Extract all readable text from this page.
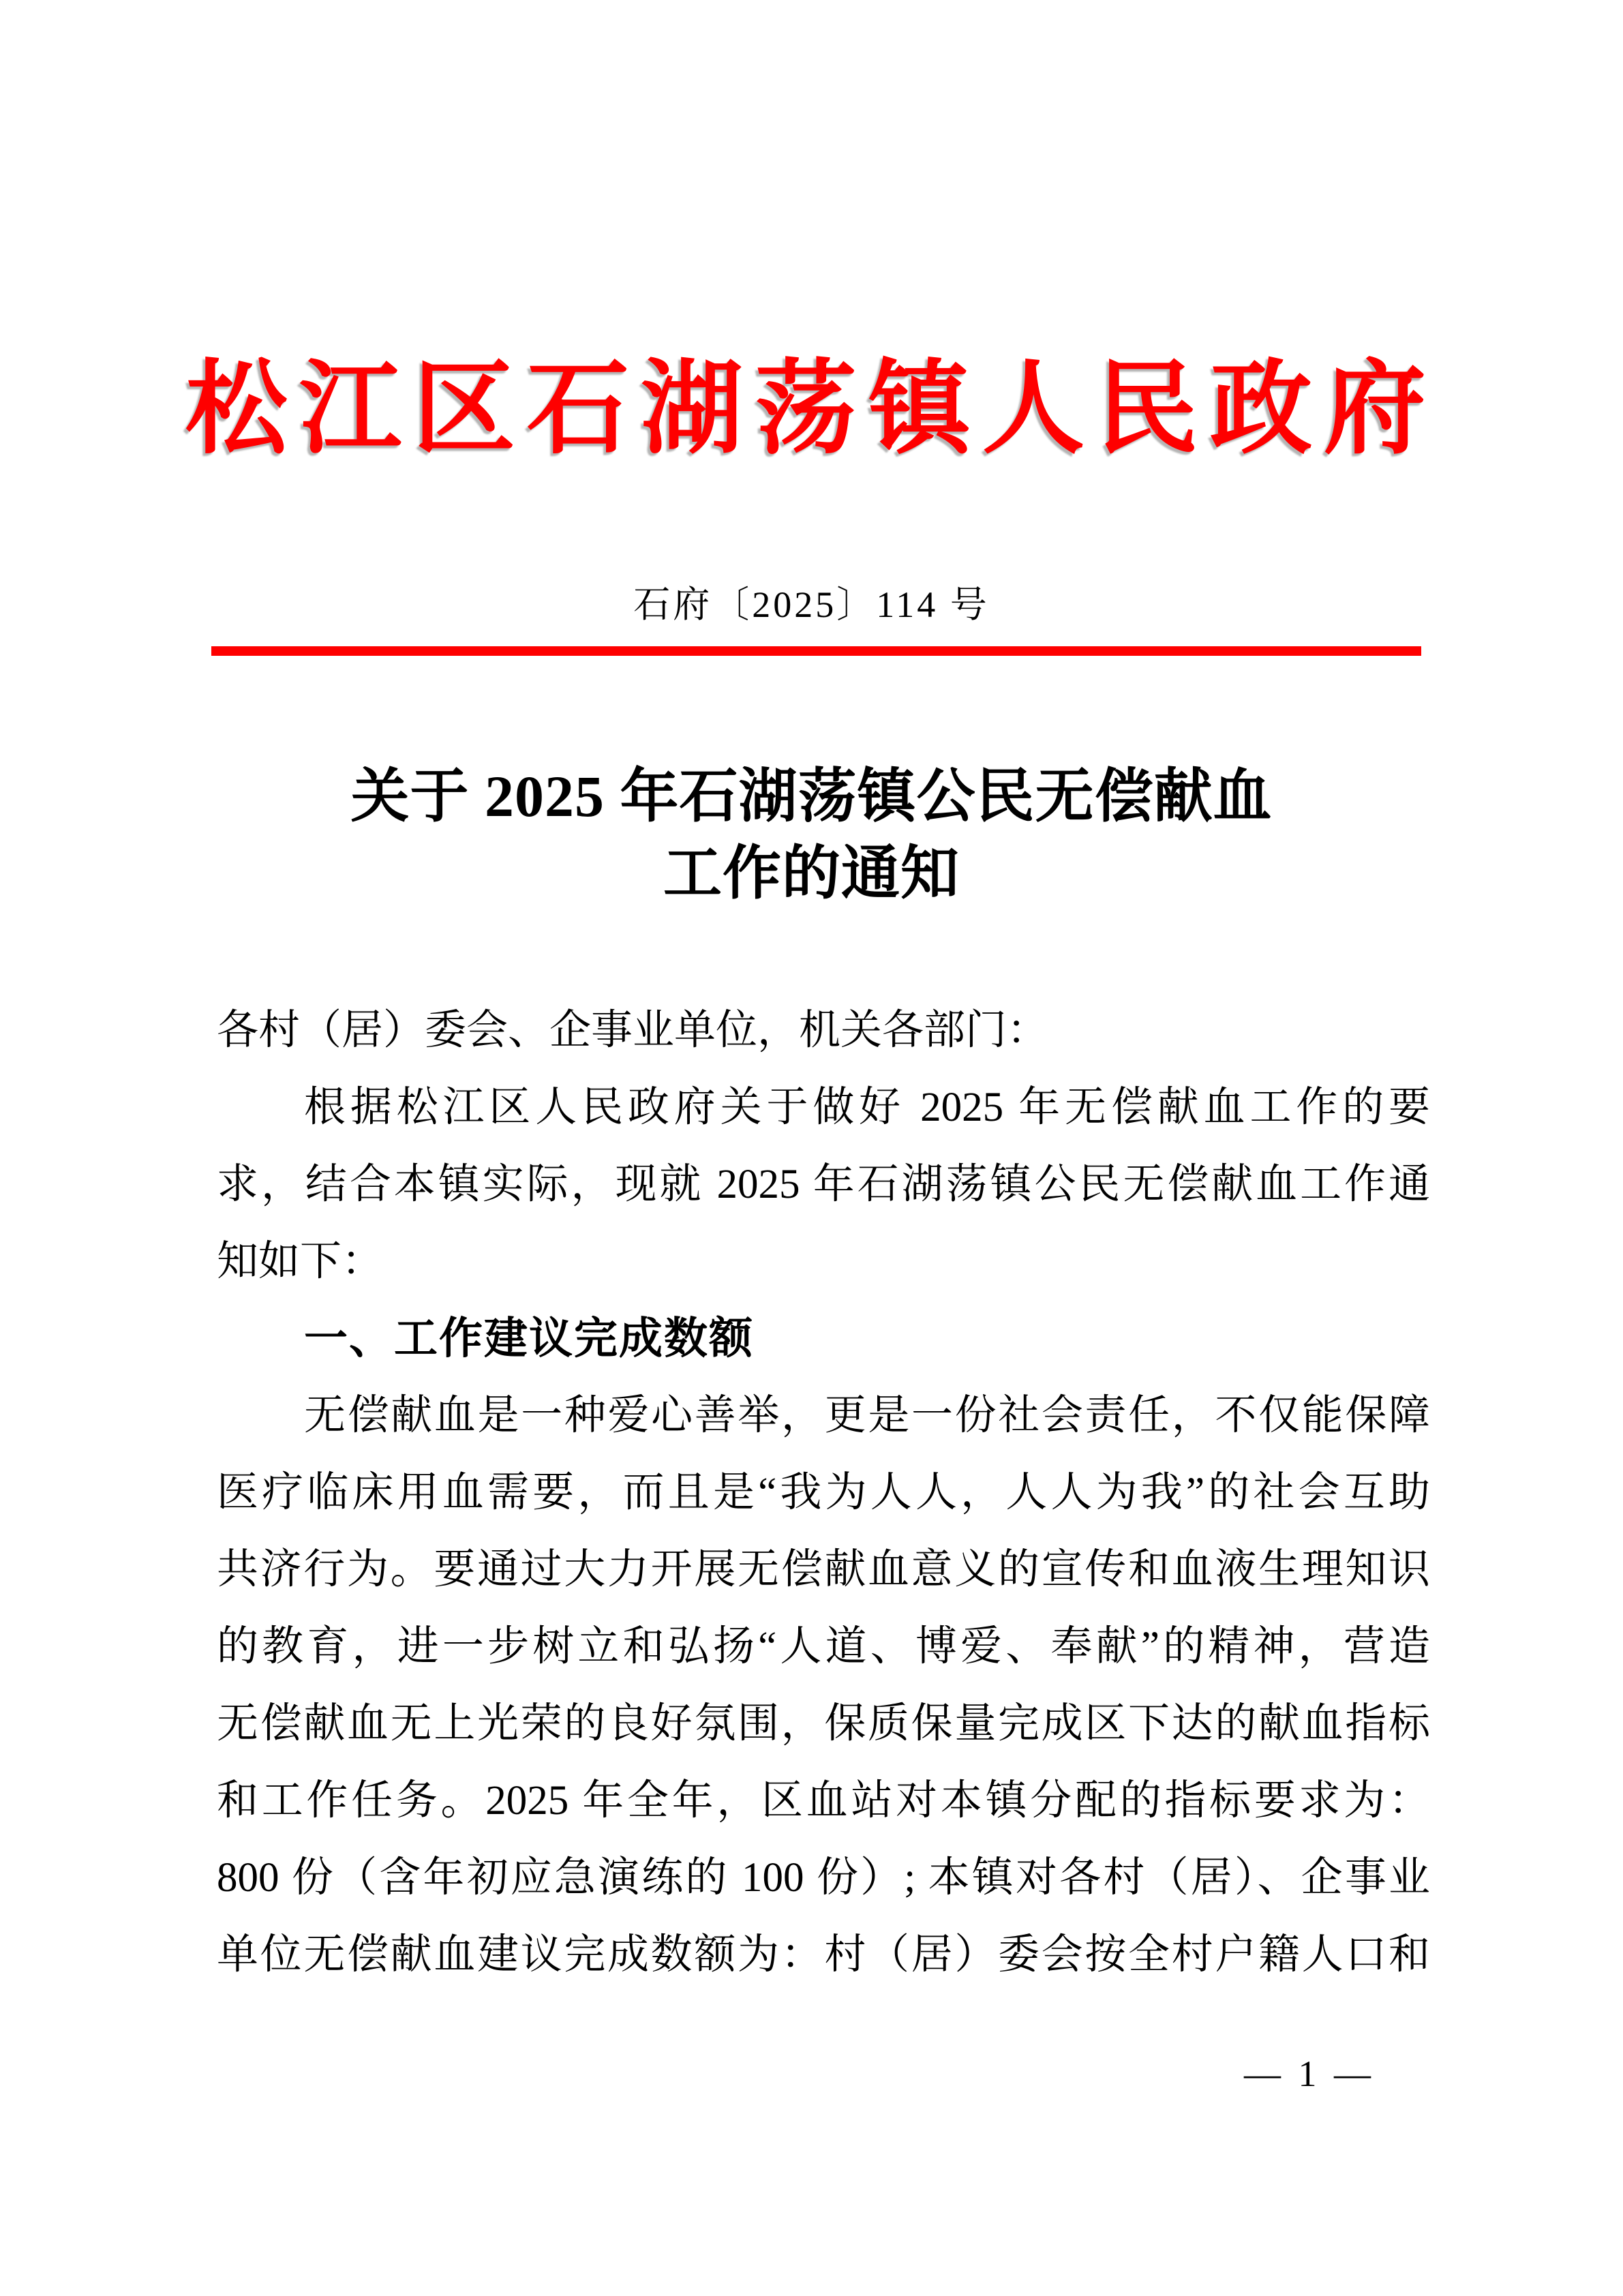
松江区石湖荡镇人民政府
石府〔2025〕114 号
关于 2025 年石湖荡镇公民无偿献血
工作的通知
各村（居）委会、企事业单位，机关各部门：
根据松江区人民政府关于做好 2025 年无偿献血工作的要
求，结合本镇实际，现就 2025 年石湖荡镇公民无偿献血工作通
知如下：
一、工作建议完成数额
无偿献血是一种爱心善举，更是一份社会责任，不仅能保障
医疗临床用血需要，而且是“我为人人，人人为我”的社会互助
共济行为。要通过大力开展无偿献血意义的宣传和血液生理知识
的教育，进一步树立和弘扬“人道、博爱、奉献”的精神，营造
无偿献血无上光荣的良好氛围，保质保量完成区下达的献血指标
和工作任务。2025 年全年，区血站对本镇分配的指标要求为：
800 份（含年初应急演练的 100 份）; 本镇对各村（居）、企事业
单位无偿献血建议完成数额为：村（居）委会按全村户籍人口和
— 1 —
